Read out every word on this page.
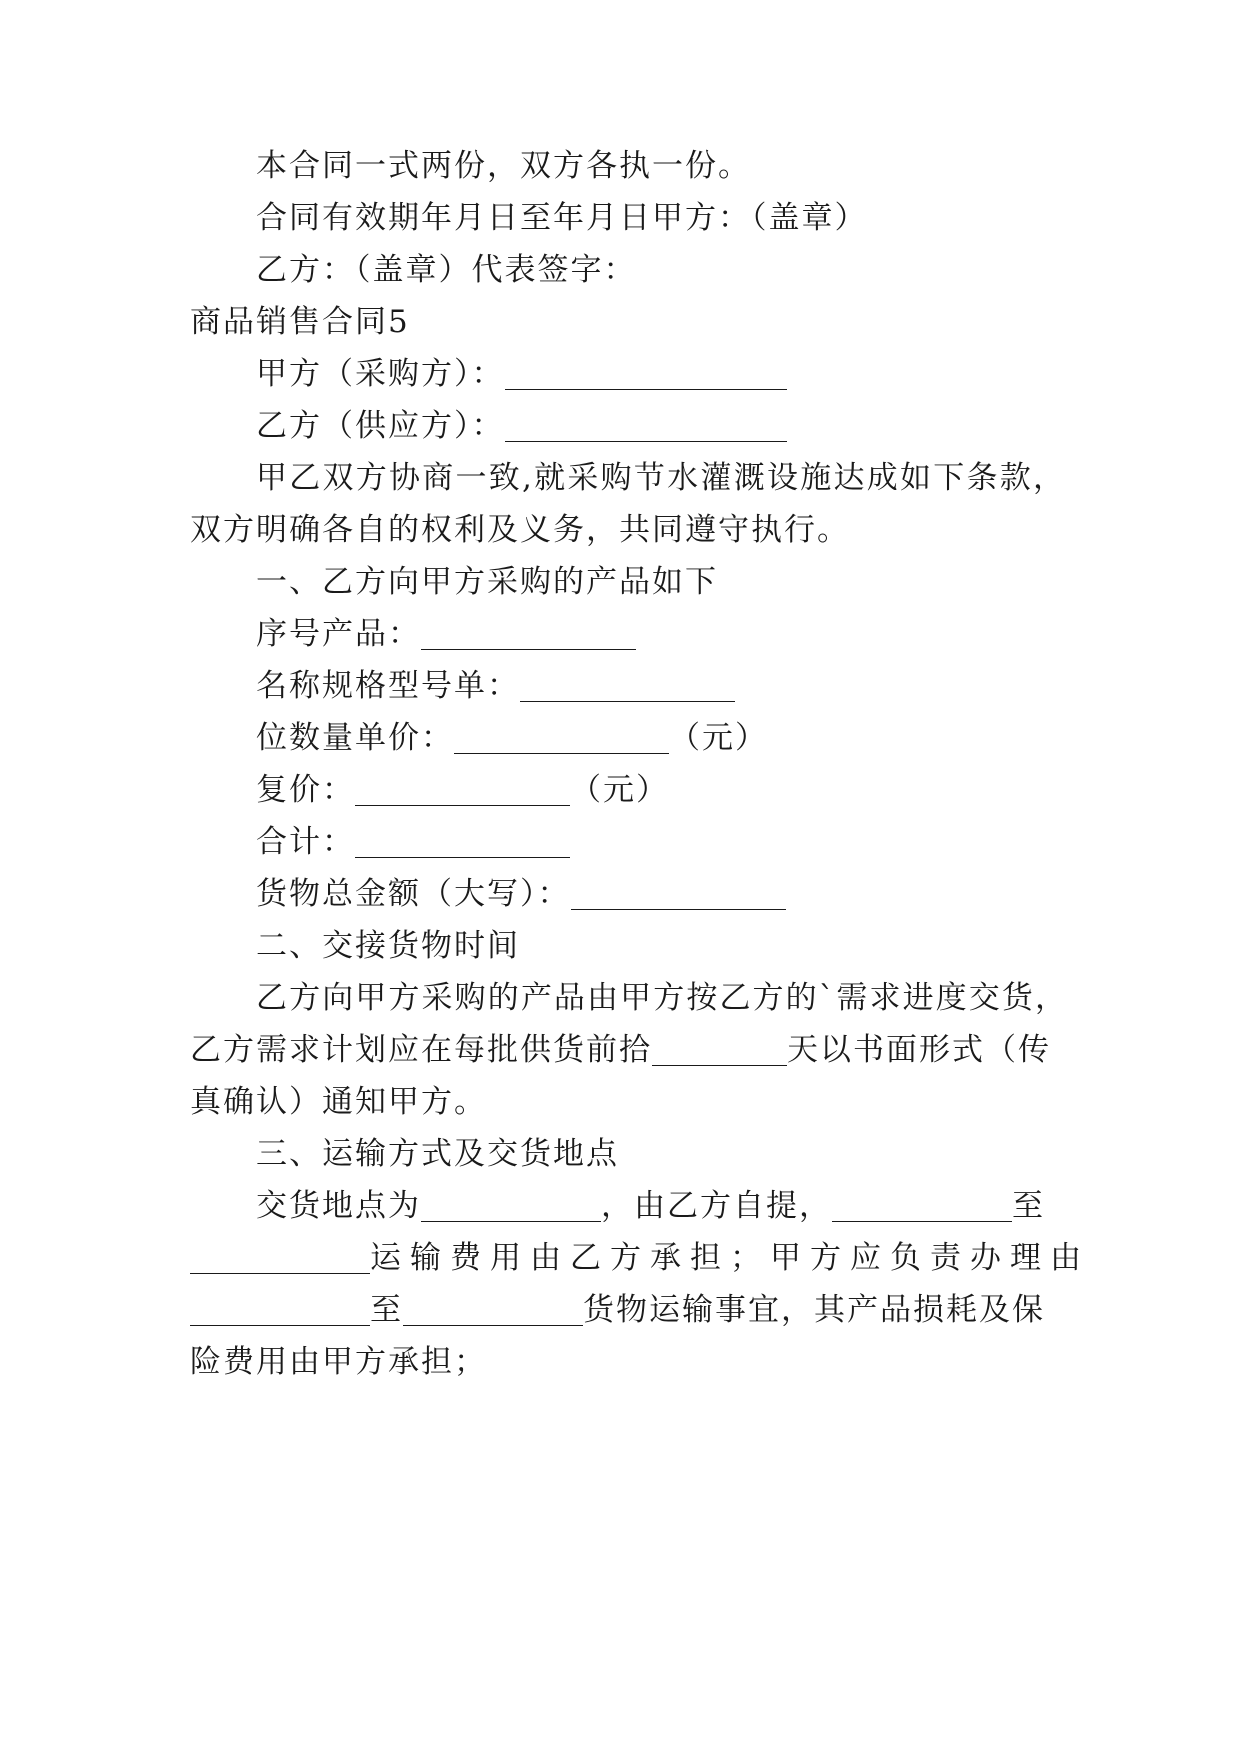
本合同一式两份，双方各执一份。
合同有效期年月日至年月日甲方：（盖章）
乙方：（盖章）代表签字：
商品销售合同5
甲方（采购方）：
乙方（供应方）：
甲乙双方协商一致,就采购节水灌溉设施达成如下条款，
双方明确各自的权利及义务，共同遵守执行。
一、乙方向甲方采购的产品如下
序号产品：
名称规格型号单：
位数量单价：	（元）
复价：	（元）
合计：
货物总金额（大写）：
二、交接货物时间
乙方向甲方采购的产品由甲方按乙方的`需求进度交货，
乙方需求计划应在每批供货前拾	天以书面形式（传
真确认）通知甲方。
三、运输方式及交货地点
交货地点为	，由乙方自提，	至
运输费用由乙方承担；甲方应负责办理由
至	货物运输事宜，其产品损耗及保
险费用由甲方承担；
